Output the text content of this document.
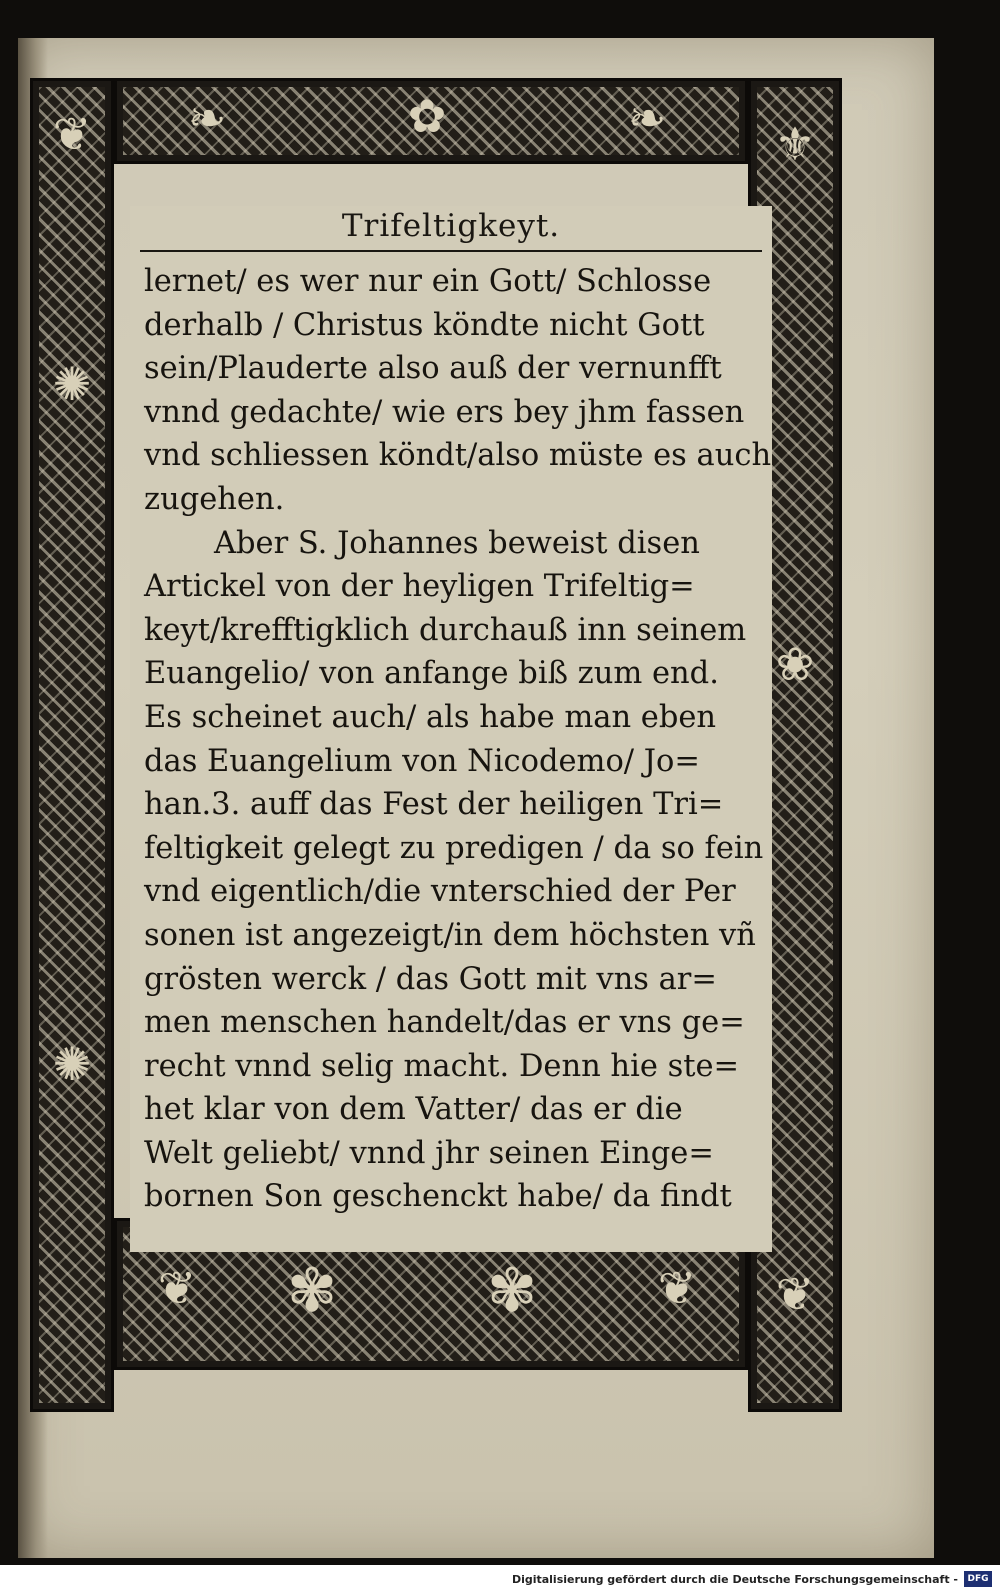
✺
✺
❦	⚜
❀
❦
✿
❧	❧
✾ ✾
❦	❦
Trifeltigkeyt.
lernet/ es wer nur ein Gott/ Schlosse
derhalb / Christus köndte nicht Gott
sein/Plauderte also auß der vernunfft
vnnd gedachte/ wie ers bey jhm fassen
vnd schliessen köndt/also müste es auch
zugehen.
Aber S. Johannes beweist disen
Artickel von der heyligen Trifeltig=
keyt/krefftigklich durchauß inn seinem
Euangelio/ von anfange biß zum end.
Es scheinet auch/ als habe man eben
das Euangelium von Nicodemo/ Jo=
han.3. auff das Fest der heiligen Tri=
feltigkeit gelegt zu predigen / da so fein
vnd eigentlich/die vnterschied der Per
sonen ist angezeigt/in dem höchsten vñ
grösten werck / das Gott mit vns ar=
men menschen handelt/das er vns ge=
recht vnnd selig macht. Denn hie ste=
het klar von dem Vatter/ das er die
Welt geliebt/ vnnd jhr seinen Einge=
bornen Son geschenckt habe/ da findt
Digitalisierung gefördert durch die Deutsche Forschungsgemeinschaft -	DFG
